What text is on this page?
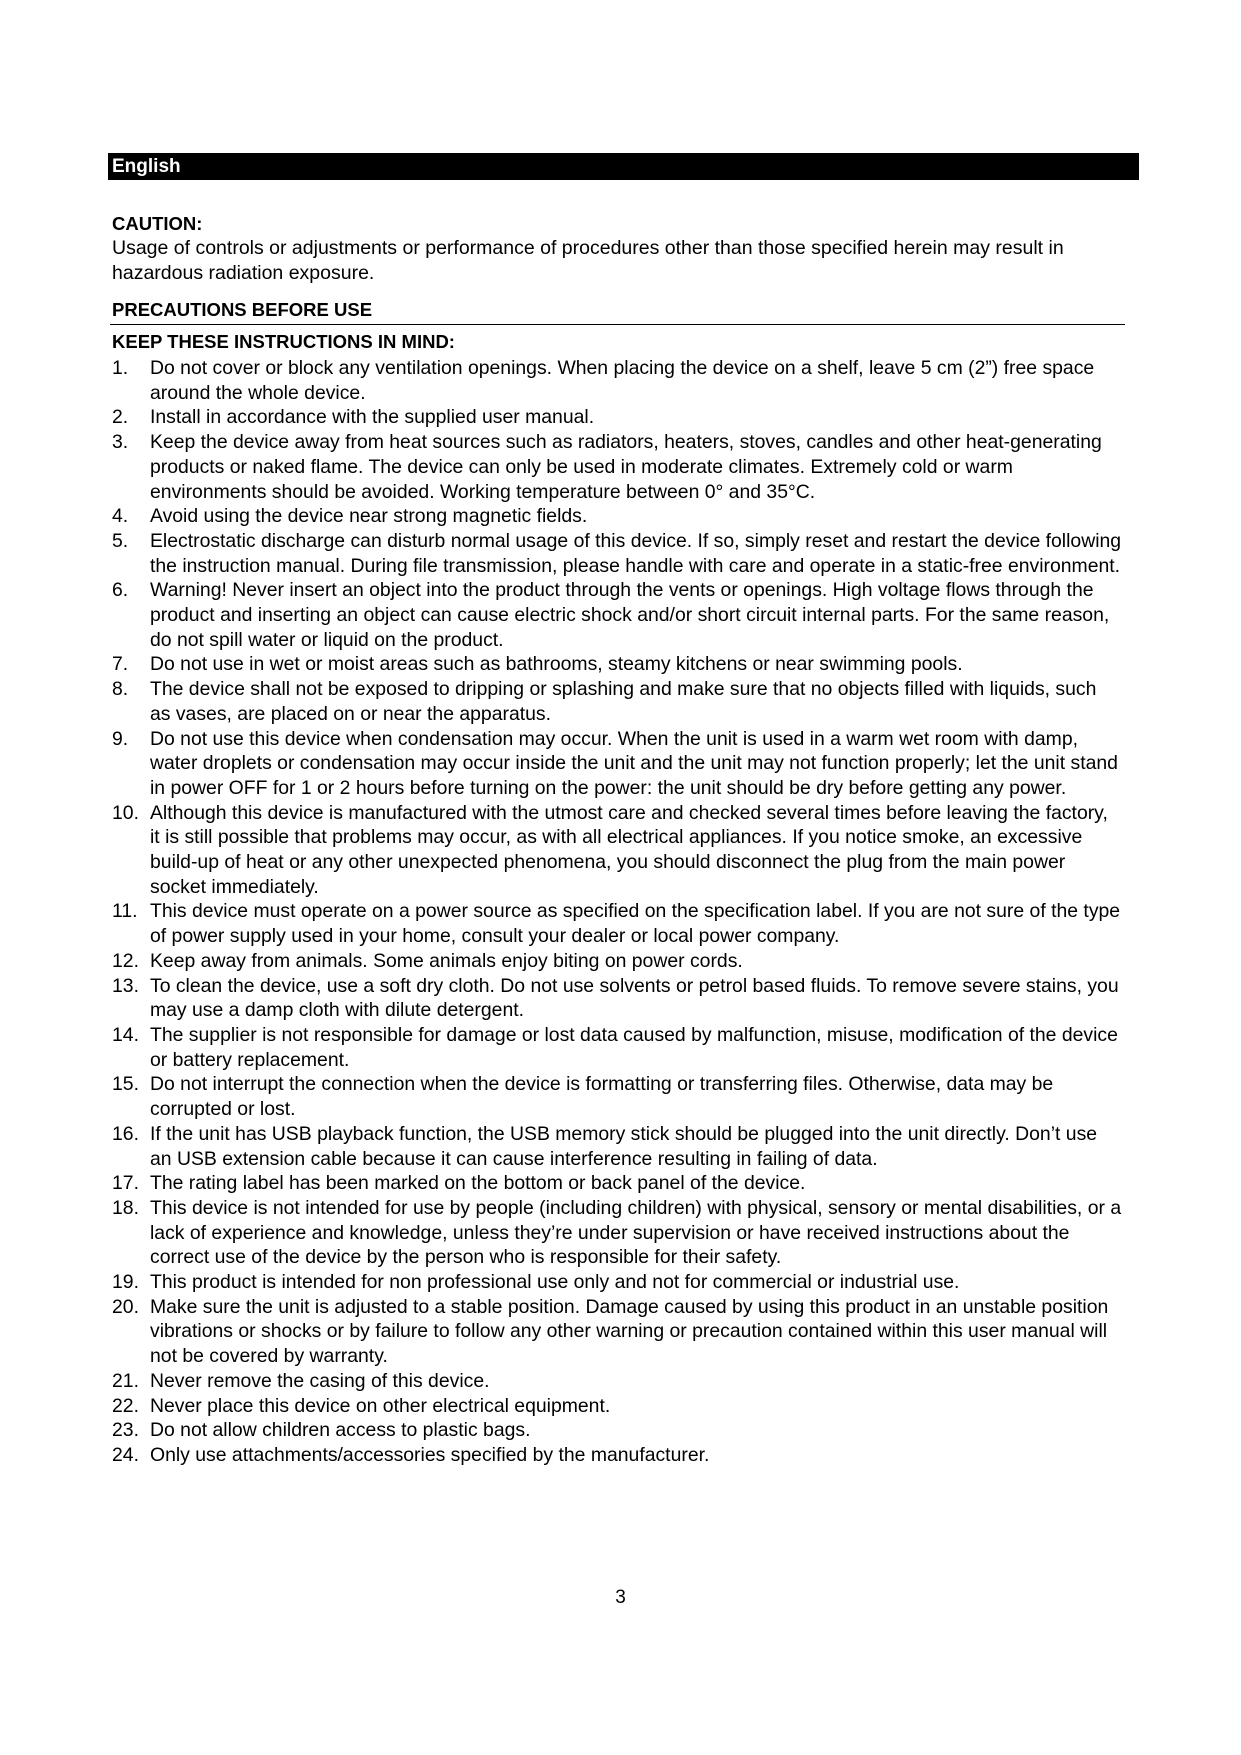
English
CAUTION:
Usage of controls or adjustments or performance of procedures other than those specified herein may result in hazardous radiation exposure.
PRECAUTIONS BEFORE USE
KEEP THESE INSTRUCTIONS IN MIND:
1. Do not cover or block any ventilation openings. When placing the device on a shelf, leave 5 cm (2”) free space around the whole device.
2. Install in accordance with the supplied user manual.
3. Keep the device away from heat sources such as radiators, heaters, stoves, candles and other heat-generating products or naked flame. The device can only be used in moderate climates. Extremely cold or warm environments should be avoided. Working temperature between 0° and 35°C.
4. Avoid using the device near strong magnetic fields.
5. Electrostatic discharge can disturb normal usage of this device. If so, simply reset and restart the device following the instruction manual. During file transmission, please handle with care and operate in a static-free environment.
6. Warning! Never insert an object into the product through the vents or openings. High voltage flows through the product and inserting an object can cause electric shock and/or short circuit internal parts. For the same reason, do not spill water or liquid on the product.
7. Do not use in wet or moist areas such as bathrooms, steamy kitchens or near swimming pools.
8. The device shall not be exposed to dripping or splashing and make sure that no objects filled with liquids, such as vases, are placed on or near the apparatus.
9. Do not use this device when condensation may occur. When the unit is used in a warm wet room with damp, water droplets or condensation may occur inside the unit and the unit may not function properly; let the unit stand in power OFF for 1 or 2 hours before turning on the power: the unit should be dry before getting any power.
10. Although this device is manufactured with the utmost care and checked several times before leaving the factory, it is still possible that problems may occur, as with all electrical appliances. If you notice smoke, an excessive build-up of heat or any other unexpected phenomena, you should disconnect the plug from the main power socket immediately.
11. This device must operate on a power source as specified on the specification label. If you are not sure of the type of power supply used in your home, consult your dealer or local power company.
12. Keep away from animals. Some animals enjoy biting on power cords.
13. To clean the device, use a soft dry cloth. Do not use solvents or petrol based fluids. To remove severe stains, you may use a damp cloth with dilute detergent.
14. The supplier is not responsible for damage or lost data caused by malfunction, misuse, modification of the device or battery replacement.
15. Do not interrupt the connection when the device is formatting or transferring files. Otherwise, data may be corrupted or lost.
16. If the unit has USB playback function, the USB memory stick should be plugged into the unit directly. Don’t use an USB extension cable because it can cause interference resulting in failing of data.
17. The rating label has been marked on the bottom or back panel of the device.
18. This device is not intended for use by people (including children) with physical, sensory or mental disabilities, or a lack of experience and knowledge, unless they’re under supervision or have received instructions about the correct use of the device by the person who is responsible for their safety.
19. This product is intended for non professional use only and not for commercial or industrial use.
20. Make sure the unit is adjusted to a stable position. Damage caused by using this product in an unstable position vibrations or shocks or by failure to follow any other warning or precaution contained within this user manual will not be covered by warranty.
21. Never remove the casing of this device.
22. Never place this device on other electrical equipment.
23. Do not allow children access to plastic bags.
24. Only use attachments/accessories specified by the manufacturer.
3
